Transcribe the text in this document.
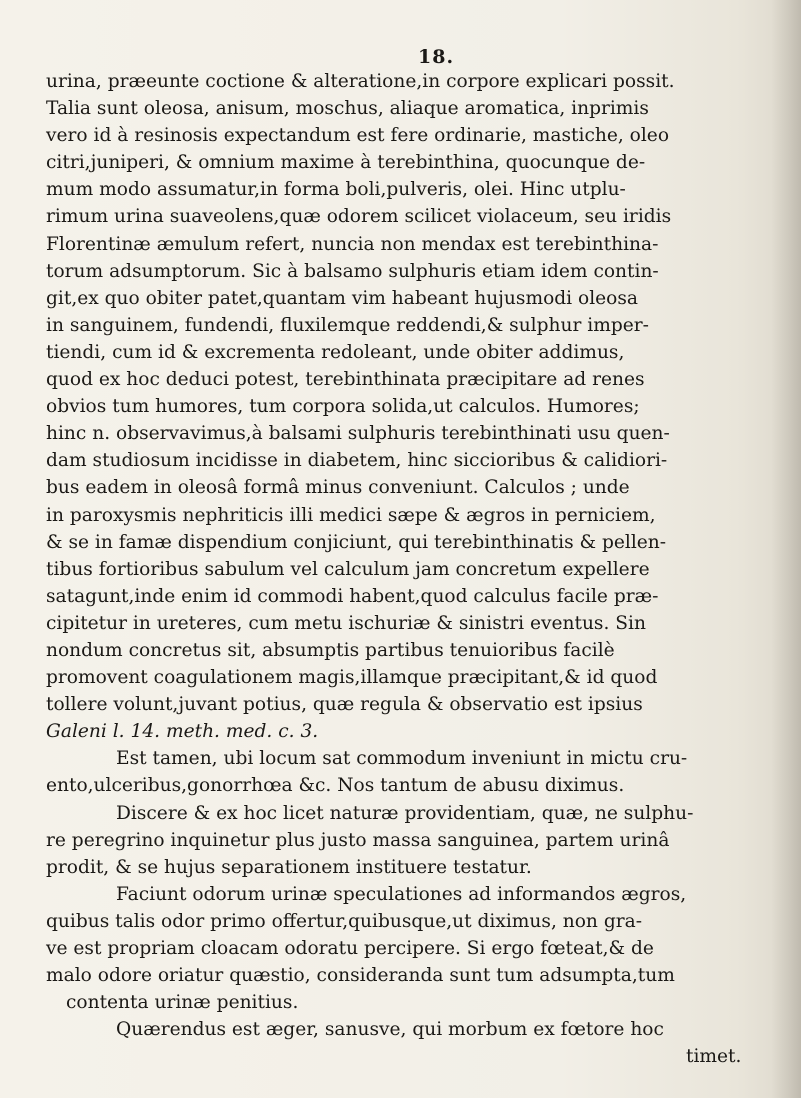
18.
urina, præeunte coctione & alteratione,in corpore explicari possit.
Talia sunt oleosa, anisum, moschus, aliaque aromatica, inprimis
vero id à resinosis expectandum est fere ordinarie, mastiche, oleo
citri,juniperi, & omnium maxime à terebinthina, quocunque de-
mum modo assumatur,in forma boli,pulveris, olei. Hinc utplu-
rimum urina suaveolens,quæ odorem scilicet violaceum, seu iridis
Florentinæ æmulum refert, nuncia non mendax est terebinthina-
torum adsumptorum. Sic à balsamo sulphuris etiam idem contin-
git,ex quo obiter patet,quantam vim habeant hujusmodi oleosa
in sanguinem, fundendi, fluxilemque reddendi,& sulphur imper-
tiendi, cum id & excrementa redoleant, unde obiter addimus,
quod ex hoc deduci potest, terebinthinata præcipitare ad renes
obvios tum humores, tum corpora solida,ut calculos. Humores;
hinc n. observavimus,à balsami sulphuris terebinthinati usu quen-
dam studiosum incidisse in diabetem, hinc siccioribus & calidiori-
bus eadem in oleosâ formâ minus conveniunt. Calculos ; unde
in paroxysmis nephriticis illi medici sæpe & ægros in perniciem,
& se in famæ dispendium conjiciunt, qui terebinthinatis & pellen-
tibus fortioribus sabulum vel calculum jam concretum expellere
satagunt,inde enim id commodi habent,quod calculus facile præ-
cipitetur in ureteres, cum metu ischuriæ & sinistri eventus. Sin
nondum concretus sit, absumptis partibus tenuioribus facilè
promovent coagulationem magis,illamque præcipitant,& id quod
tollere volunt,juvant potius, quæ regula & observatio est ipsius
Galeni l. 14. meth. med. c. 3.
Est tamen, ubi locum sat commodum inveniunt in mictu cru-
ento,ulceribus,gonorrhœa &c. Nos tantum de abusu diximus.
Discere & ex hoc licet naturæ providentiam, quæ, ne sulphu-
re peregrino inquinetur plus justo massa sanguinea, partem urinâ
prodit, & se hujus separationem instituere testatur.
Faciunt odorum urinæ speculationes ad informandos ægros,
quibus talis odor primo offertur,quibusque,ut diximus, non gra-
ve est propriam cloacam odoratu percipere. Si ergo fœteat,& de
malo odore oriatur quæstio, consideranda sunt tum adsumpta,tum
contenta urinæ penitius.
Quærendus est æger, sanusve, qui morbum ex fœtore hoc
timet.
